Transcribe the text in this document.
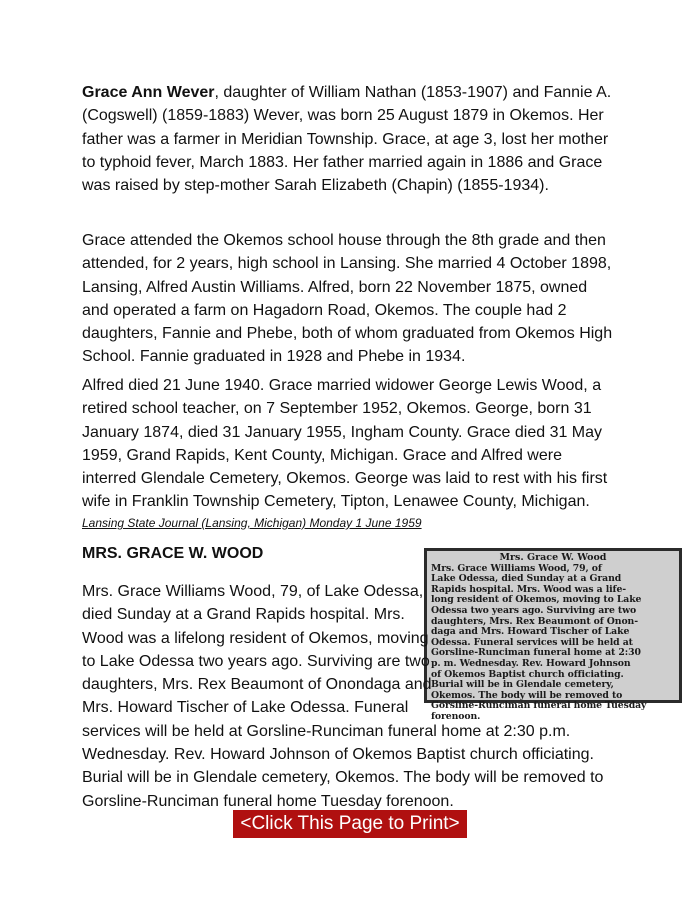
Grace Ann Wever, daughter of William Nathan (1853-1907) and Fannie A. (Cogswell) (1859-1883) Wever, was born 25 August 1879 in Okemos. Her father was a farmer in Meridian Township. Grace, at age 3, lost her mother to typhoid fever, March 1883. Her father married again in 1886 and Grace was raised by step-mother Sarah Elizabeth (Chapin) (1855-1934).

Grace attended the Okemos school house through the 8th grade and then attended, for 2 years, high school in Lansing. She married 4 October 1898, Lansing, Alfred Austin Williams. Alfred, born 22 November 1875, owned and operated a farm on Hagadorn Road, Okemos. The couple had 2 daughters, Fannie and Phebe, both of whom graduated from Okemos High School. Fannie graduated in 1928 and Phebe in 1934.

Alfred died 21 June 1940. Grace married widower George Lewis Wood, a retired school teacher, on 7 September 1952, Okemos. George, born 31 January 1874, died 31 January 1955, Ingham County. Grace died 31 May 1959, Grand Rapids, Kent County, Michigan. Grace and Alfred were interred Glendale Cemetery, Okemos. George was laid to rest with his first wife in Franklin Township Cemetery, Tipton, Lenawee County, Michigan.

Lansing State Journal (Lansing, Michigan) Monday 1 June 1959

MRS. GRACE W. WOOD	Mrs. Grace W. Wood
Mrs. Grace Williams Wood, 79, of
Lake Odessa, died Sunday at a Grand
Rapids hospital. Mrs. Wood was a life-
long resident of Okemos, moving to Lake
Odessa two years ago. Surviving are two
daughters, Mrs. Rex Beaumont of Onon-
daga and Mrs. Howard Tischer of Lake
Odessa. Funeral services will be held at
Gorsline-Runciman funeral home at 2:30
p. m. Wednesday. Rev. Howard Johnson
of Okemos Baptist church officiating.
Burial will be in Glendale cemetery,
Okemos. The body will be removed to
Gorsline-Runciman funeral home Tuesday
forenoon.

Mrs. Grace Williams Wood, 79, of Lake Odessa,
died Sunday at a Grand Rapids hospital. Mrs.
Wood was a lifelong resident of Okemos, moving
to Lake Odessa two years ago. Surviving are two
daughters, Mrs. Rex Beaumont of Onondaga and
Mrs. Howard Tischer of Lake Odessa. Funeral
services will be held at Gorsline-Runciman funeral home at 2:30 p.m.
Wednesday. Rev. Howard Johnson of Okemos Baptist church officiating.
Burial will be in Glendale cemetery, Okemos. The body will be removed to
Gorsline-Runciman funeral home Tuesday forenoon.

<Click This Page to Print>
